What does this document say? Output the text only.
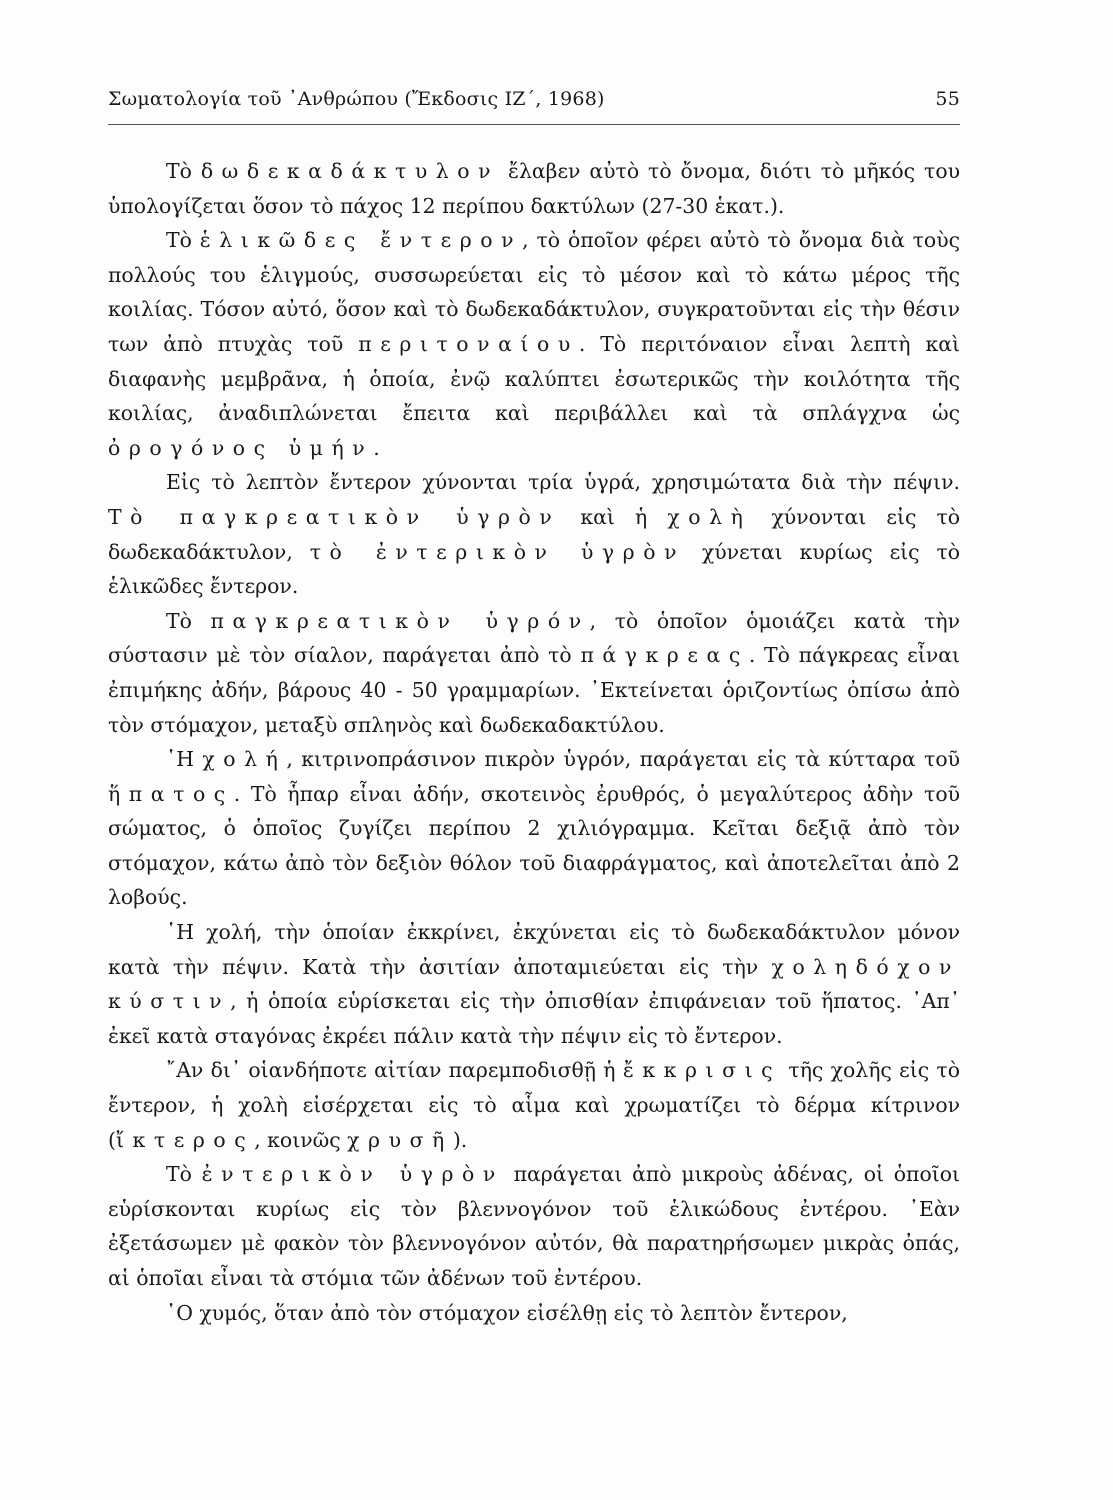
Σωματολογία τοῦ ᾿Ανθρώπου (Ἔκδοσις ΙΖ΄, 1968)	55

Τὸ δωδεκαδάκτυλον ἔλαβεν αὐτὸ τὸ ὄνομα, διότι τὸ μῆκός του ὑπολογίζεται ὅσον τὸ πάχος 12 περίπου δακτύλων (27-30 ἑκατ.).

Τὸ ἑλικῶδες ἔντερον, τὸ ὁποῖον φέρει αὐτὸ τὸ ὄνομα διὰ τοὺς πολλούς του ἑλιγμούς, συσσωρεύεται εἰς τὸ μέσον καὶ τὸ κάτω μέρος τῆς κοιλίας. Τόσον αὐτό, ὅσον καὶ τὸ δωδεκαδάκτυλον, συγκρατοῦνται εἰς τὴν θέσιν των ἀπὸ πτυχὰς τοῦ περιτοναίου. Τὸ περιτόναιον εἶναι λεπτὴ καὶ διαφανὴς μεμβρᾶνα, ἡ ὁποία, ἐνῷ καλύπτει ἐσωτερικῶς τὴν κοιλότητα τῆς κοιλίας, ἀναδιπλώνεται ἔπειτα καὶ περιβάλλει καὶ τὰ σπλάγχνα ὡς ὀρογόνος ὑμήν.

Εἰς τὸ λεπτὸν ἔντερον χύνονται τρία ὑγρά, χρησιμώτατα διὰ τὴν πέψιν. Τὸ παγκρεατικὸν ὑγρὸν καὶ ἡ χολὴ χύνονται εἰς τὸ δωδεκαδάκτυλον, τὸ ἐντερικὸν ὑγρὸν χύνεται κυρίως εἰς τὸ ἑλικῶδες ἔντερον.

Τὸ παγκρεατικὸν ὑγρόν, τὸ ὁποῖον ὁμοιάζει κατὰ τὴν σύστασιν μὲ τὸν σίαλον, παράγεται ἀπὸ τὸ πάγκρεας. Τὸ πάγκρεας εἶναι ἐπιμήκης ἀδήν, βάρους 40 - 50 γραμμαρίων. ᾿Εκτείνεται ὁριζοντίως ὀπίσω ἀπὸ τὸν στόμαχον, μεταξὺ σπληνὸς καὶ δωδεκαδακτύλου.

῾Η χολή, κιτρινοπράσινον πικρὸν ὑγρόν, παράγεται εἰς τὰ κύτταρα τοῦ ἥπατος. Τὸ ἧπαρ εἶναι ἀδήν, σκοτεινὸς ἐρυθρός, ὁ μεγαλύτερος ἀδὴν τοῦ σώματος, ὁ ὁποῖος ζυγίζει περίπου 2 χιλιόγραμμα. Κεῖται δεξιᾷ ἀπὸ τὸν στόμαχον, κάτω ἀπὸ τὸν δεξιὸν θόλον τοῦ διαφράγματος, καὶ ἀποτελεῖται ἀπὸ 2 λοβούς.

῾Η χολή, τὴν ὁποίαν ἐκκρίνει, ἐκχύνεται εἰς τὸ δωδεκαδάκτυλον μόνον κατὰ τὴν πέψιν. Κατὰ τὴν ἀσιτίαν ἀποταμιεύεται εἰς τὴν χοληδόχον κύστιν, ἡ ὁποία εὑρίσκεται εἰς τὴν ὀπισθίαν ἐπιφάνειαν τοῦ ἥπατος. ᾿Απ᾿ ἐκεῖ κατὰ σταγόνας ἐκρέει πάλιν κατὰ τὴν πέψιν εἰς τὸ ἔντερον.

῎Αν δι᾿ οἱανδήποτε αἰτίαν παρεμποδισθῇ ἡ ἔκκρισις τῆς χολῆς εἰς τὸ ἔντερον, ἡ χολὴ εἰσέρχεται εἰς τὸ αἷμα καὶ χρωματίζει τὸ δέρμα κίτρινον (ἴκτερος, κοινῶς χρυσῆ).

Τὸ ἐντερικὸν ὑγρὸν παράγεται ἀπὸ μικροὺς ἀδένας, οἱ ὁποῖοι εὑρίσκονται κυρίως εἰς τὸν βλεννογόνον τοῦ ἑλικώδους ἐντέρου. ᾿Εὰν ἐξετάσωμεν μὲ φακὸν τὸν βλεννογόνον αὐτόν, θὰ παρατηρήσωμεν μικρὰς ὀπάς, αἱ ὁποῖαι εἶναι τὰ στόμια τῶν ἀδένων τοῦ ἐντέρου.

῾Ο χυμός, ὅταν ἀπὸ τὸν στόμαχον εἰσέλθῃ εἰς τὸ λεπτὸν ἔντερον,
